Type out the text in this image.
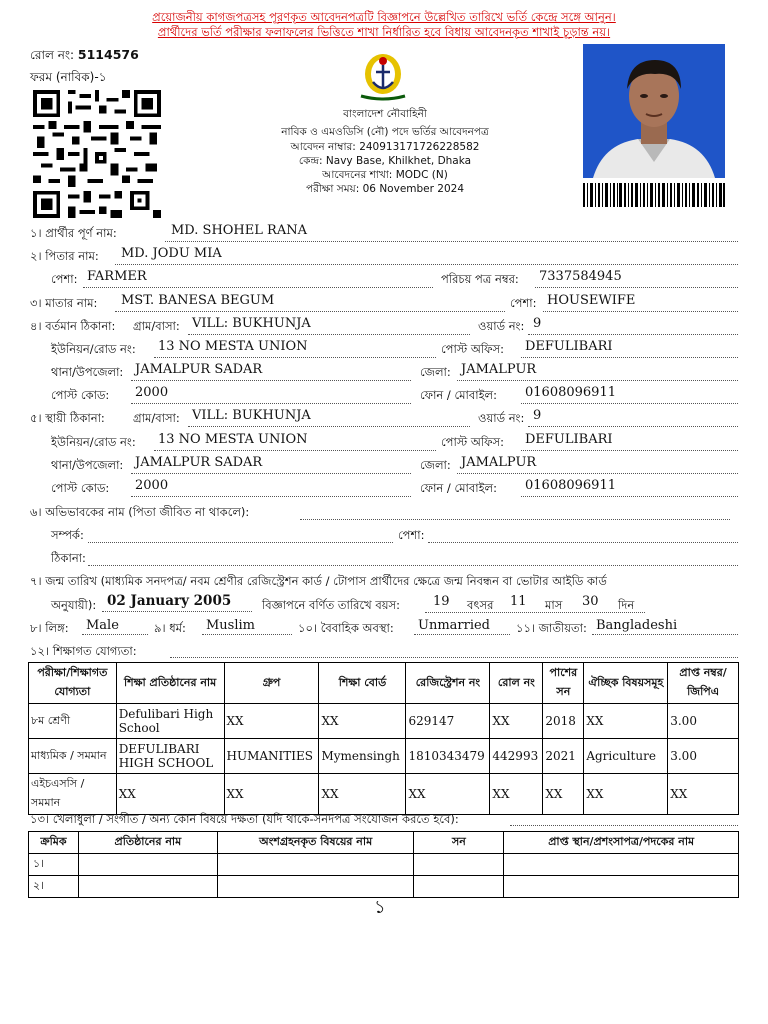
প্রয়োজনীয় কাগজপত্রসহ পূরণকৃত আবেদনপত্রটি বিজ্ঞাপনে উল্লেখিত তারিখে ভর্তি কেন্দ্রে সঙ্গে আনুন।
প্রার্থীদের ভর্তি পরীক্ষার ফলাফলের ভিত্তিতে শাখা নির্ধারিত হবে বিধায় আবেদনকৃত শাখাই চূড়ান্ত নয়।
রোল নং: 5114576
ফরম (নাবিক)-১
বাংলাদেশ নৌবাহিনী
নাবিক ও এমওডিসি (নৌ) পদে ভর্তির আবেদনপত্র
আবেদন নাম্বার: 240913171726228582
কেন্দ্র: Navy Base, Khilkhet, Dhaka
আবেদনের শাখা: MODC (N)
পরীক্ষা সময়: 06 November 2024
১। প্রার্থীর পূর্ণ নাম:	MD. SHOHEL RANA
২। পিতার নাম: MD. JODU MIA
পেশা: FARMER	পরিচয় পত্র নম্বর: 7337584945
৩। মাতার নাম: MST. BANESA BEGUM	পেশা: HOUSEWIFE
৪। বর্তমান ঠিকানা: গ্রাম/বাসা: VILL: BUKHUNJA	ওয়ার্ড নং: 9
ইউনিয়ন/রোড নং: 13 NO MESTA UNION	পোস্ট অফিস: DEFULIBARI
থানা/উপজেলা: JAMALPUR SADAR	জেলা: JAMALPUR
পোস্ট কোড: 2000	ফোন / মোবাইল: 01608096911
৫। স্থায়ী ঠিকানা: গ্রাম/বাসা: VILL: BUKHUNJA	ওয়ার্ড নং: 9
ইউনিয়ন/রোড নং: 13 NO MESTA UNION	পোস্ট অফিস: DEFULIBARI
থানা/উপজেলা: JAMALPUR SADAR	জেলা: JAMALPUR
পোস্ট কোড: 2000	ফোন / মোবাইল: 01608096911
৬। অভিভাবকের নাম (পিতা জীবিত না থাকলে):
সম্পর্ক:	পেশা:
ঠিকানা:
৭। জন্ম তারিখ (মাধ্যমিক সনদপত্র/ নবম শ্রেণীর রেজিস্ট্রেশন কার্ড / টোপাস প্রার্থীদের ক্ষেত্রে জন্ম নিবন্ধন বা ভোটার আইডি কার্ড
অনুযায়ী): 02 January 2005	বিজ্ঞাপনে বর্ণিত তারিখে বয়স:	19 বৎসর 11 মাস 30 দিন
৮। লিঙ্গ: Male	৯। ধর্ম: Muslim	১০। বৈবাহিক অবস্থা: Unmarried ১১। জাতীয়তা: Bangladeshi
১২। শিক্ষাগত যোগ্যতা:
পরীক্ষা/শিক্ষাগত যোগ্যতা	শিক্ষা প্রতিষ্ঠানের নাম	গ্রুপ	শিক্ষা বোর্ড	রেজিস্ট্রেশন নং	রোল নং	পাশের সন	ঐচ্ছিক বিষয়সমূহ	প্রাপ্ত নম্বর/জিপিএ
৮ম শ্রেণী	Defulibari High School	XX	XX	629147	XX	2018	XX	3.00
মাধ্যমিক / সমমান	DEFULIBARI HIGH SCHOOL	HUMANITIES	Mymensingh	1810343479	442993	2021	Agriculture	3.00
এইচএসসি / সমমান	XX	XX	XX	XX	XX	XX	XX	XX
১৩। খেলাধুলা / সংগীত / অন্য কোন বিষয়ে দক্ষতা (যদি থাকে-সনদপত্র সংযোজন করতে হবে):
ক্রমিক	প্রতিষ্ঠানের নাম	অংশগ্রহনকৃত বিষয়ের নাম	সন	প্রাপ্ত স্থান/প্রশংসাপত্র/পদকের নাম
১।				
২।				
১
